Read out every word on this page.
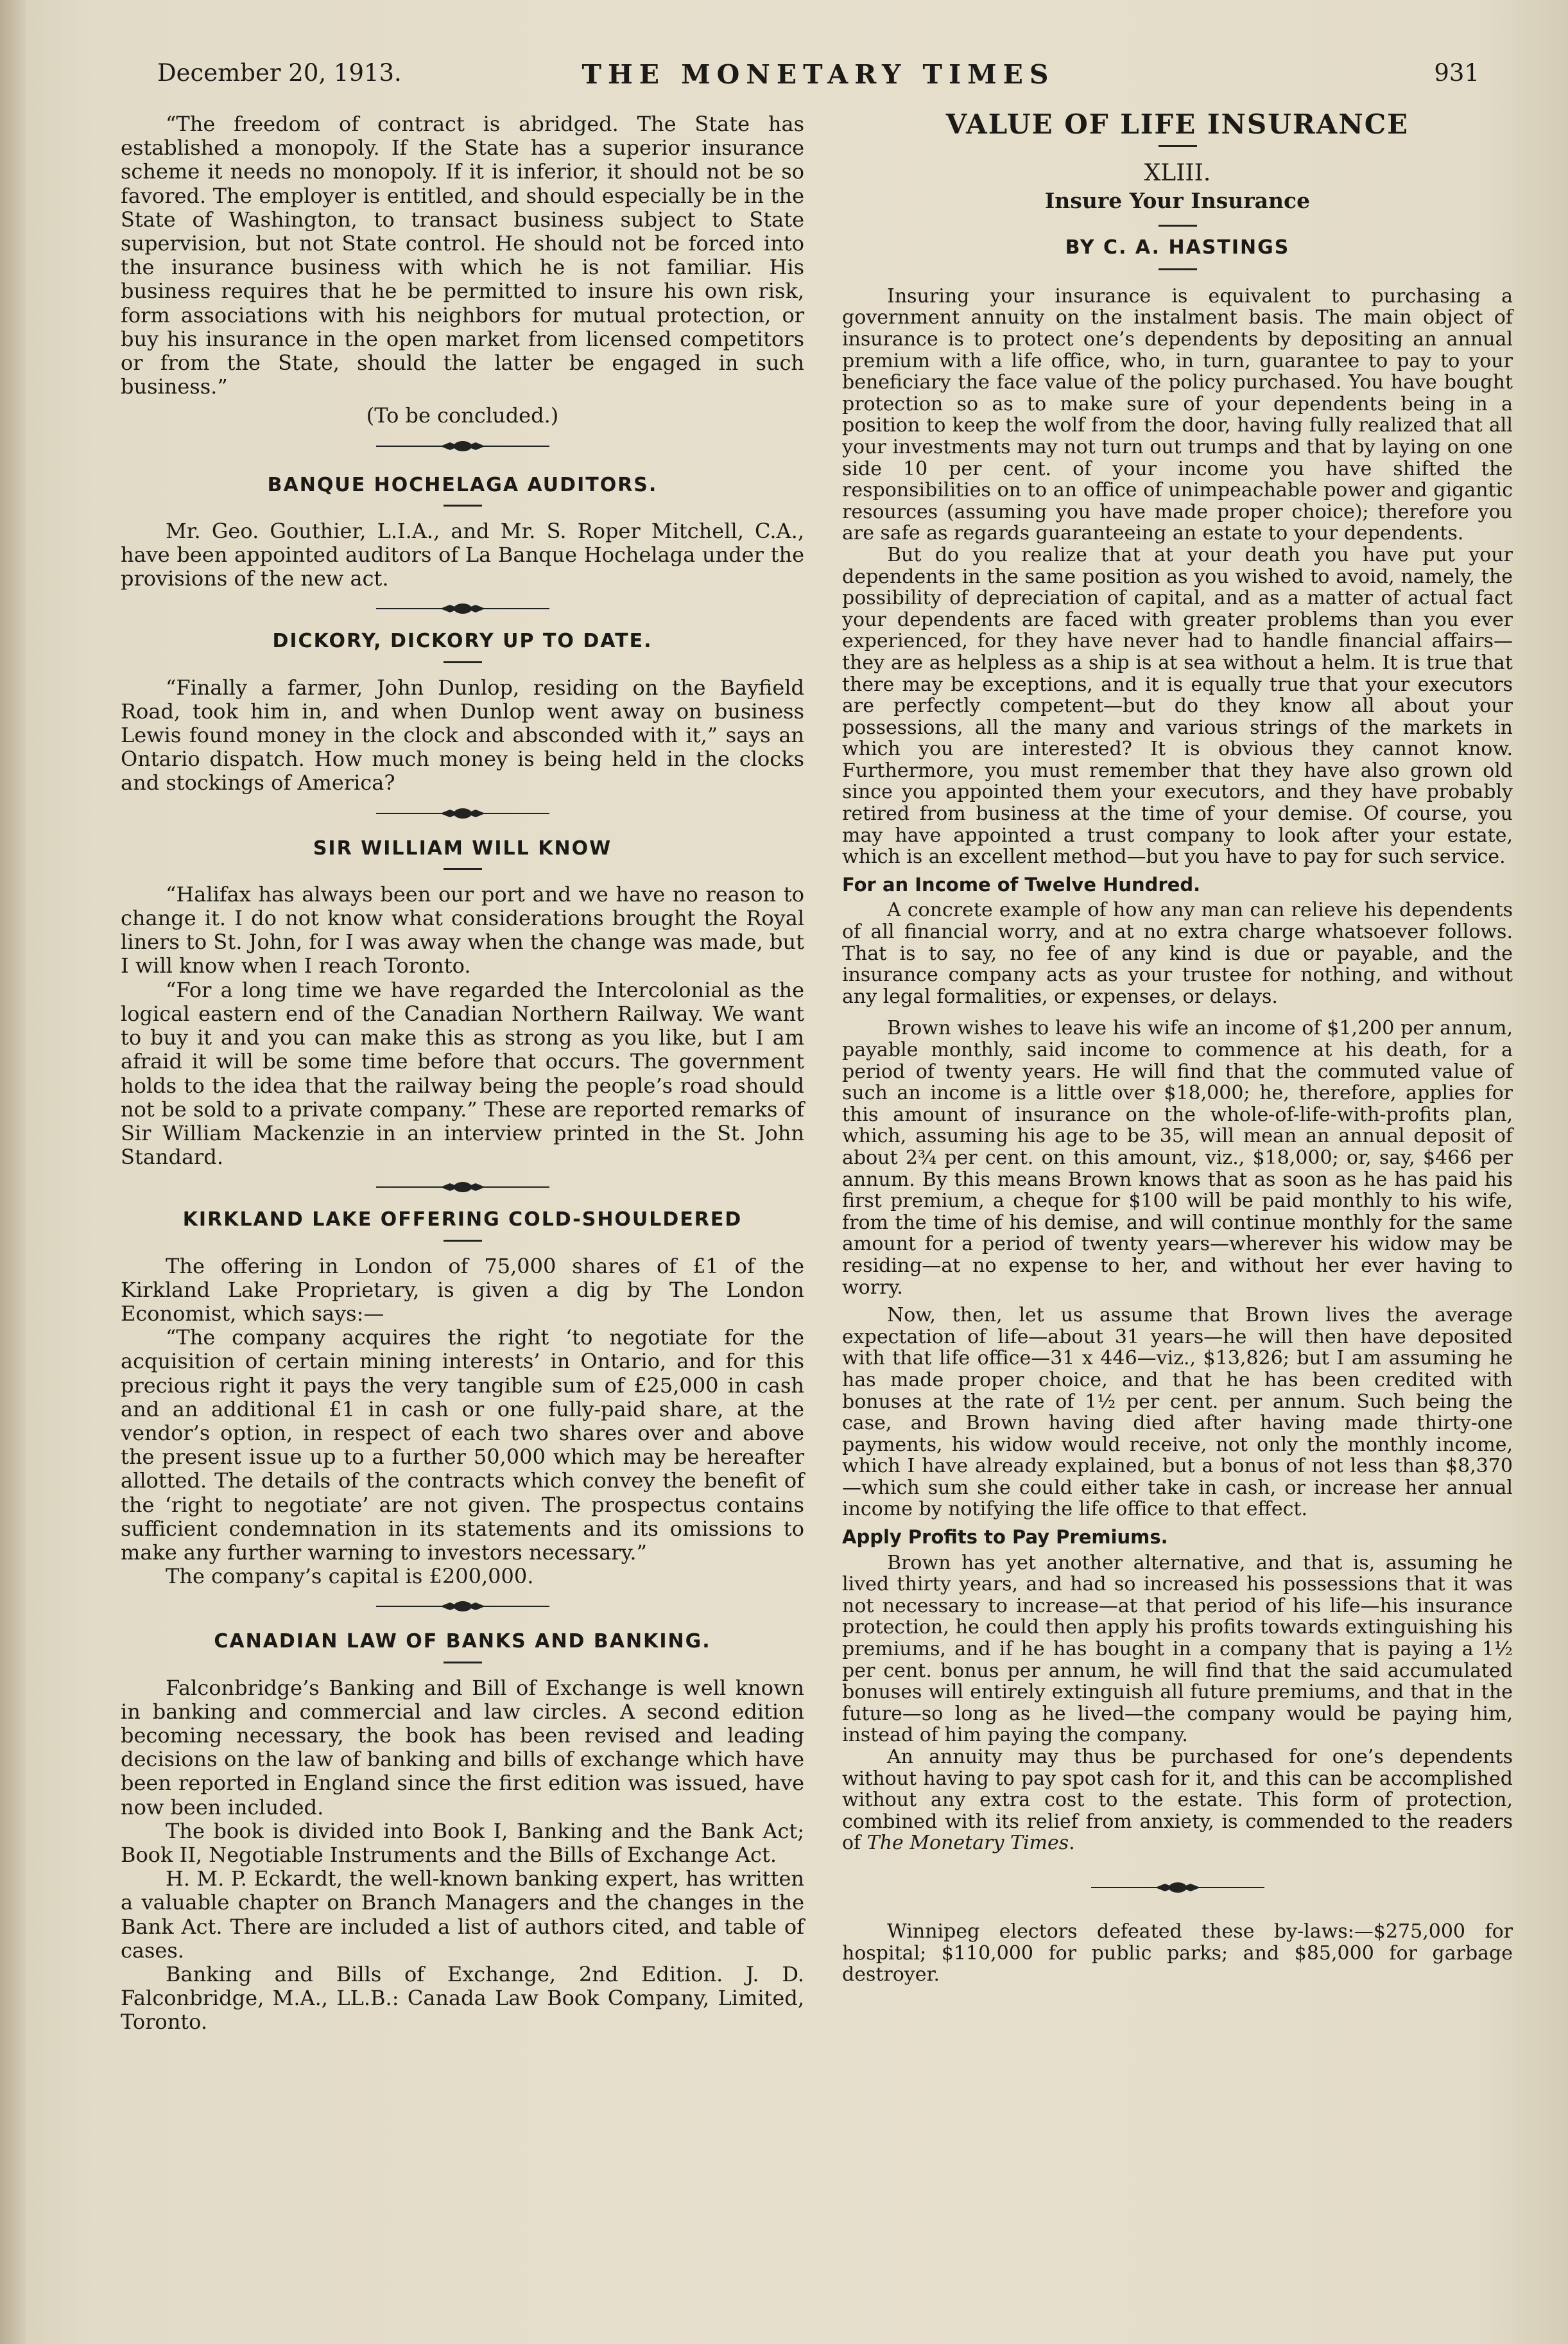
December 20, 1913.	THE MONETARY TIMES	931

“The freedom of contract is abridged. The State has established a monopoly. If the State has a superior insurance scheme it needs no monopoly. If it is inferior, it should not be so favored. The employer is entitled, and should especially be in the State of Washington, to transact business subject to State supervision, but not State control. He should not be forced into the insurance business with which he is not familiar. His business requires that he be permitted to insure his own risk, form associations with his neighbors for mutual protection, or buy his insurance in the open market from licensed competitors or from the State, should the latter be engaged in such business.”

(To be concluded.)

BANQUE HOCHELAGA AUDITORS.

Mr. Geo. Gouthier, L.I.A., and Mr. S. Roper Mitchell, C.A., have been appointed auditors of La Banque Hochelaga under the provisions of the new act.

DICKORY, DICKORY UP TO DATE.

“Finally a farmer, John Dunlop, residing on the Bayfield Road, took him in, and when Dunlop went away on business Lewis found money in the clock and absconded with it,” says an Ontario dispatch. How much money is being held in the clocks and stockings of America?

SIR WILLIAM WILL KNOW

“Halifax has always been our port and we have no reason to change it. I do not know what considerations brought the Royal liners to St. John, for I was away when the change was made, but I will know when I reach Toronto.

“For a long time we have regarded the Intercolonial as the logical eastern end of the Canadian Northern Railway. We want to buy it and you can make this as strong as you like, but I am afraid it will be some time before that occurs. The government holds to the idea that the railway being the people’s road should not be sold to a private company.” These are reported remarks of Sir William Mackenzie in an interview printed in the St. John Standard.

KIRKLAND LAKE OFFERING COLD-SHOULDERED

The offering in London of 75,000 shares of £1 of the Kirkland Lake Proprietary, is given a dig by The London Economist, which says:—

“The company acquires the right ‘to negotiate for the acquisition of certain mining interests’ in Ontario, and for this precious right it pays the very tangible sum of £25,000 in cash and an additional £1 in cash or one fully-paid share, at the vendor’s option, in respect of each two shares over and above the present issue up to a further 50,000 which may be hereafter allotted. The details of the contracts which convey the benefit of the ‘right to negotiate’ are not given. The prospectus contains sufficient condemnation in its statements and its omissions to make any further warning to investors necessary.”

The company’s capital is £200,000.

CANADIAN LAW OF BANKS AND BANKING.

Falconbridge’s Banking and Bill of Exchange is well known in banking and commercial and law circles. A second edition becoming necessary, the book has been revised and leading decisions on the law of banking and bills of exchange which have been reported in England since the first edition was issued, have now been included.

The book is divided into Book I, Banking and the Bank Act; Book II, Negotiable Instruments and the Bills of Exchange Act.

H. M. P. Eckardt, the well-known banking expert, has written a valuable chapter on Branch Managers and the changes in the Bank Act. There are included a list of authors cited, and table of cases.

Banking and Bills of Exchange, 2nd Edition. J. D. Falconbridge, M.A., LL.B.: Canada Law Book Company, Limited, Toronto.

VALUE OF LIFE INSURANCE
XLIII.
Insure Your Insurance
BY C. A. HASTINGS

Insuring your insurance is equivalent to purchasing a government annuity on the instalment basis. The main object of insurance is to protect one’s dependents by depositing an annual premium with a life office, who, in turn, guarantee to pay to your beneficiary the face value of the policy purchased. You have bought protection so as to make sure of your dependents being in a position to keep the wolf from the door, having fully realized that all your investments may not turn out trumps and that by laying on one side 10 per cent. of your income you have shifted the responsibilities on to an office of unimpeachable power and gigantic resources (assuming you have made proper choice); therefore you are safe as regards guaranteeing an estate to your dependents.

But do you realize that at your death you have put your dependents in the same position as you wished to avoid, namely, the possibility of depreciation of capital, and as a matter of actual fact your dependents are faced with greater problems than you ever experienced, for they have never had to handle financial affairs—they are as helpless as a ship is at sea without a helm. It is true that there may be exceptions, and it is equally true that your executors are perfectly competent—but do they know all about your possessions, all the many and various strings of the markets in which you are interested? It is obvious they cannot know. Furthermore, you must remember that they have also grown old since you appointed them your executors, and they have probably retired from business at the time of your demise. Of course, you may have appointed a trust company to look after your estate, which is an excellent method—but you have to pay for such service.

For an Income of Twelve Hundred.

A concrete example of how any man can relieve his dependents of all financial worry, and at no extra charge whatsoever follows. That is to say, no fee of any kind is due or payable, and the insurance company acts as your trustee for nothing, and without any legal formalities, or expenses, or delays.

Brown wishes to leave his wife an income of $1,200 per annum, payable monthly, said income to commence at his death, for a period of twenty years. He will find that the commuted value of such an income is a little over $18,000; he, therefore, applies for this amount of insurance on the whole-of-life-with-profits plan, which, assuming his age to be 35, will mean an annual deposit of about 2¾ per cent. on this amount, viz., $18,000; or, say, $466 per annum. By this means Brown knows that as soon as he has paid his first premium, a cheque for $100 will be paid monthly to his wife, from the time of his demise, and will continue monthly for the same amount for a period of twenty years—wherever his widow may be residing—at no expense to her, and without her ever having to worry.

Now, then, let us assume that Brown lives the average expectation of life—about 31 years—he will then have deposited with that life office—31 x 446—viz., $13,826; but I am assuming he has made proper choice, and that he has been credited with bonuses at the rate of 1½ per cent. per annum. Such being the case, and Brown having died after having made thirty-one payments, his widow would receive, not only the monthly income, which I have already explained, but a bonus of not less than $8,370—which sum she could either take in cash, or increase her annual income by notifying the life office to that effect.

Apply Profits to Pay Premiums.

Brown has yet another alternative, and that is, assuming he lived thirty years, and had so increased his possessions that it was not necessary to increase—at that period of his life—his insurance protection, he could then apply his profits towards extinguishing his premiums, and if he has bought in a company that is paying a 1½ per cent. bonus per annum, he will find that the said accumulated bonuses will entirely extinguish all future premiums, and that in the future—so long as he lived—the company would be paying him, instead of him paying the company.

An annuity may thus be purchased for one’s dependents without having to pay spot cash for it, and this can be accomplished without any extra cost to the estate. This form of protection, combined with its relief from anxiety, is commended to the readers of The Monetary Times.

Winnipeg electors defeated these by-laws:—$275,000 for hospital; $110,000 for public parks; and $85,000 for garbage destroyer.
